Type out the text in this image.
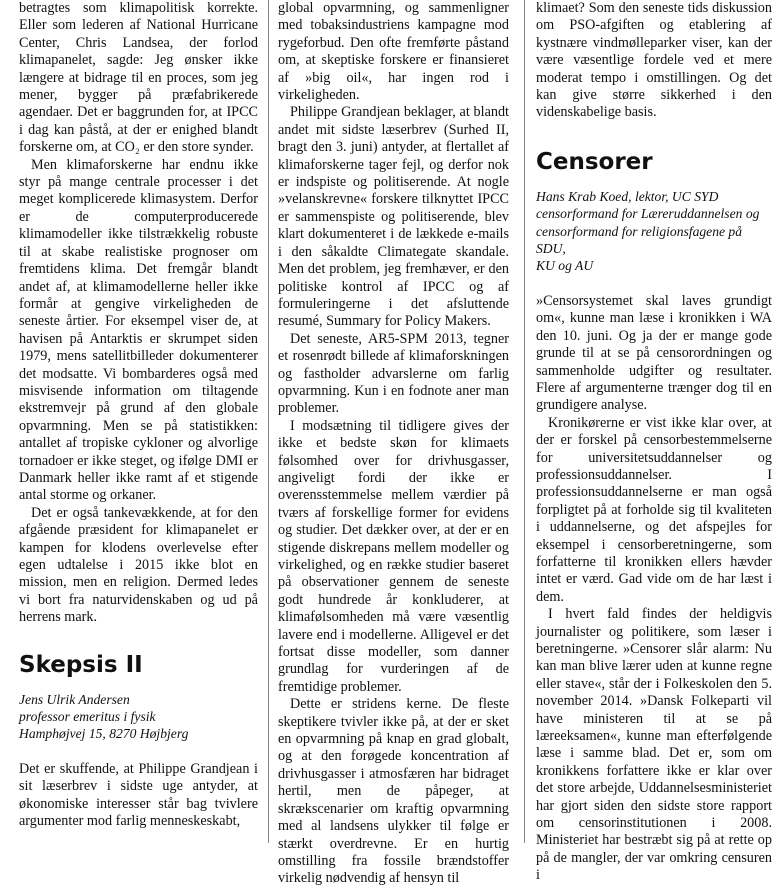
betragtes som klimapolitisk korrekte. Eller som lederen af National Hurricane Center, Chris Landsea, der forlod klimapanelet, sagde: Jeg ønsker ikke længere at bidrage til en proces, som jeg mener, bygger på præfabrikerede agendaer. Det er baggrunden for, at IPCC i dag kan påstå, at der er enighed blandt forskerne om, at CO₂ er den store synder.

Men klimaforskerne har endnu ikke styr på mange centrale processer i det meget komplicerede klimasystem. Derfor er de computerproducerede klimamodeller ikke tilstrækkelig robuste til at skabe realistiske prognoser om fremtidens klima. Det fremgår blandt andet af, at klimamodellerne heller ikke formår at gengive virkeligheden de seneste årtier. For eksempel viser de, at havisen på Antarktis er skrumpet siden 1979, mens satellitbilleder dokumenterer det modsatte. Vi bombarderes også med misvisende information om tiltagende ekstremvejr på grund af den globale opvarmning. Men se på statistikken: antallet af tropiske cykloner og alvorlige tornadoer er ikke steget, og ifølge DMI er Danmark heller ikke ramt af et stigende antal storme og orkaner.

Det er også tankevækkende, at for den afgående præsident for klimapanelet er kampen for klodens overlevelse efter egen udtalelse i 2015 ikke blot en mission, men en religion. Dermed ledes vi bort fra naturvidenskaben og ud på herrens mark.

Skepsis II

Jens Ulrik Andersen

professor emeritus i fysik

Hamphøjvej 15, 8270 Højbjerg

Det er skuffende, at Philippe Grandjean i sit læserbrev i sidste uge antyder, at økonomiske interesser står bag tvivlere argumenter mod farlig menneskeskabt,

global opvarmning, og sammenligner med tobaksindustriens kampagne mod rygeforbud. Den ofte fremførte påstand om, at skeptiske forskere er finansieret af »big oil«, har ingen rod i virkeligheden.

Philippe Grandjean beklager, at blandt andet mit sidste læserbrev (Surhed II, bragt den 3. juni) antyder, at flertallet af klimaforskerne tager fejl, og derfor nok er indspiste og politiserende. At nogle »velanskrevne« forskere tilknyttet IPCC er sammenspiste og politiserende, blev klart dokumenteret i de lækkede e-mails i den såkaldte Climategate skandale. Men det problem, jeg fremhæver, er den politiske kontrol af IPCC og af formuleringerne i det afsluttende resumé, Summary for Policy Makers.

Det seneste, AR5-SPM 2013, tegner et rosenrødt billede af klimaforskningen og fastholder advarslerne om farlig opvarmning. Kun i en fodnote aner man problemer.

I modsætning til tidligere gives der ikke et bedste skøn for klimaets følsomhed over for drivhusgasser, angiveligt fordi der ikke er overensstemmelse mellem værdier på tværs af forskellige former for evidens og studier. Det dækker over, at der er en stigende diskrepans mellem modeller og virkelighed, og en række studier baseret på observationer gennem de seneste godt hundrede år konkluderer, at klimafølsomheden må være væsentlig lavere end i modellerne. Alligevel er det fortsat disse modeller, som danner grundlag for vurderingen af de fremtidige problemer.

Dette er stridens kerne. De fleste skeptikere tvivler ikke på, at der er sket en opvarmning på knap en grad globalt, og at den forøgede koncentration af drivhusgasser i atmosfæren har bidraget hertil, men de påpeger, at skrækscenarier om kraftig opvarmning med al landsens ulykker til følge er stærkt overdrevne. Er en hurtig omstilling fra fossile brændstoffer virkelig nødvendig af hensyn til

klimaet? Som den seneste tids diskussion om PSO-afgiften og etablering af kystnære vindmølleparker viser, kan der være væsentlige fordele ved et mere moderat tempo i omstillingen. Og det kan give større sikkerhed i den videnskabelige basis.

Censorer

Hans Krab Koed, lektor, UC SYD

censorformand for Læreruddannelsen og

censorformand for religionsfagene på SDU,

KU og AU

»Censorsystemet skal laves grundigt om«, kunne man læse i kronikken i WA den 10. juni. Og ja der er mange gode grunde til at se på censorordningen og sammenholde udgifter og resultater. Flere af argumenterne trænger dog til en grundigere analyse.

Kronikørerne er vist ikke klar over, at der er forskel på censorbestemmelserne for universitetsuddannelser og professionsuddannelser. I professionsuddannelserne er man også forpligtet på at forholde sig til kvaliteten i uddannelserne, og det afspejles for eksempel i censorberetningerne, som forfatterne til kronikken ellers hævder intet er værd. Gad vide om de har læst i dem.

I hvert fald findes der heldigvis journalister og politikere, som læser i beretningerne. »Censorer slår alarm: Nu kan man blive lærer uden at kunne regne eller stave«, står der i Folkeskolen den 5. november 2014. »Dansk Folkeparti vil have ministeren til at se på læreeksamen«, kunne man efterfølgende læse i samme blad. Det er, som om kronikkens forfattere ikke er klar over det store arbejde, Uddannelsesministeriet har gjort siden den sidste store rapport om censorinstitutionen i 2008. Ministeriet har bestræbt sig på at rette op på de mangler, der var omkring censuren i
